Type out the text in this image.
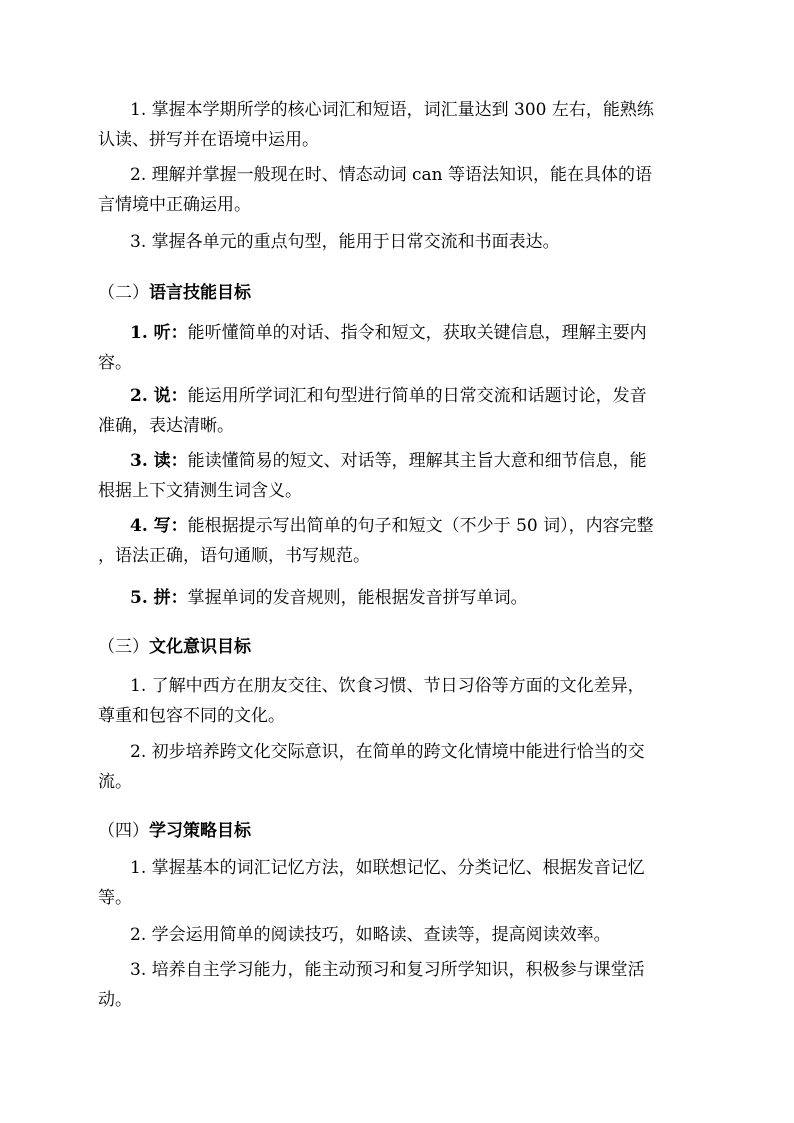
1. 掌握本学期所学的核心词汇和短语，词汇量达到 300 左右，能熟练
认读、拼写并在语境中运用。

2. 理解并掌握一般现在时、情态动词 can 等语法知识，能在具体的语
言情境中正确运用。

3. 掌握各单元的重点句型，能用于日常交流和书面表达。

（二）语言技能目标

1. 听：能听懂简单的对话、指令和短文，获取关键信息，理解主要内
容。

2. 说：能运用所学词汇和句型进行简单的日常交流和话题讨论，发音
准确，表达清晰。

3. 读：能读懂简易的短文、对话等，理解其主旨大意和细节信息，能
根据上下文猜测生词含义。

4. 写：能根据提示写出简单的句子和短文（不少于 50 词），内容完整
，语法正确，语句通顺，书写规范。

5. 拼：掌握单词的发音规则，能根据发音拼写单词。

（三）文化意识目标

1. 了解中西方在朋友交往、饮食习惯、节日习俗等方面的文化差异，
尊重和包容不同的文化。

2. 初步培养跨文化交际意识，在简单的跨文化情境中能进行恰当的交
流。

（四）学习策略目标

1. 掌握基本的词汇记忆方法，如联想记忆、分类记忆、根据发音记忆
等。

2. 学会运用简单的阅读技巧，如略读、查读等，提高阅读效率。

3. 培养自主学习能力，能主动预习和复习所学知识，积极参与课堂活
动。
